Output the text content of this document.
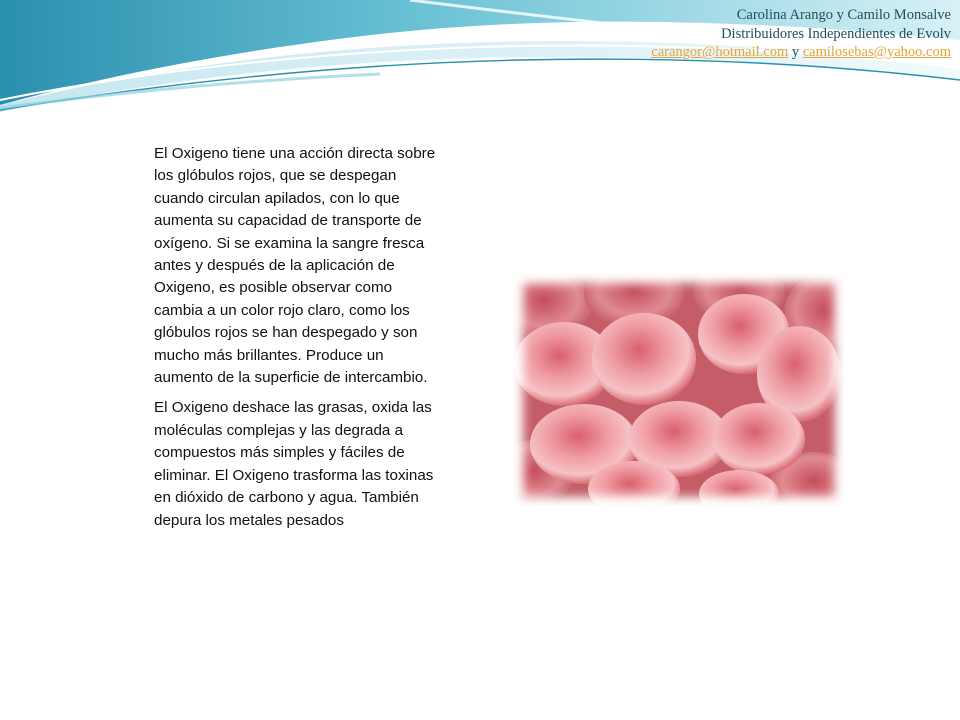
Carolina Arango y Camilo Monsalve
Distribuidores Independientes de Evolv
carangor@hotmail.com y camilosebas@yahoo.com

El Oxigeno tiene una acción directa sobre los glóbulos rojos, que se despegan cuando circulan apilados, con lo que aumenta su capacidad de transporte de oxígeno. Si se examina la sangre fresca antes y después de la aplicación de Oxigeno, es posible observar como cambia a un color rojo claro, como los glóbulos rojos se han despegado y son mucho más brillantes. Produce un aumento de la superficie de intercambio.

El Oxigeno deshace las grasas, oxida las moléculas complejas y las degrada a compuestos más simples y fáciles de eliminar. El Oxigeno trasforma las toxinas en dióxido de carbono y agua. También depura los metales pesados
